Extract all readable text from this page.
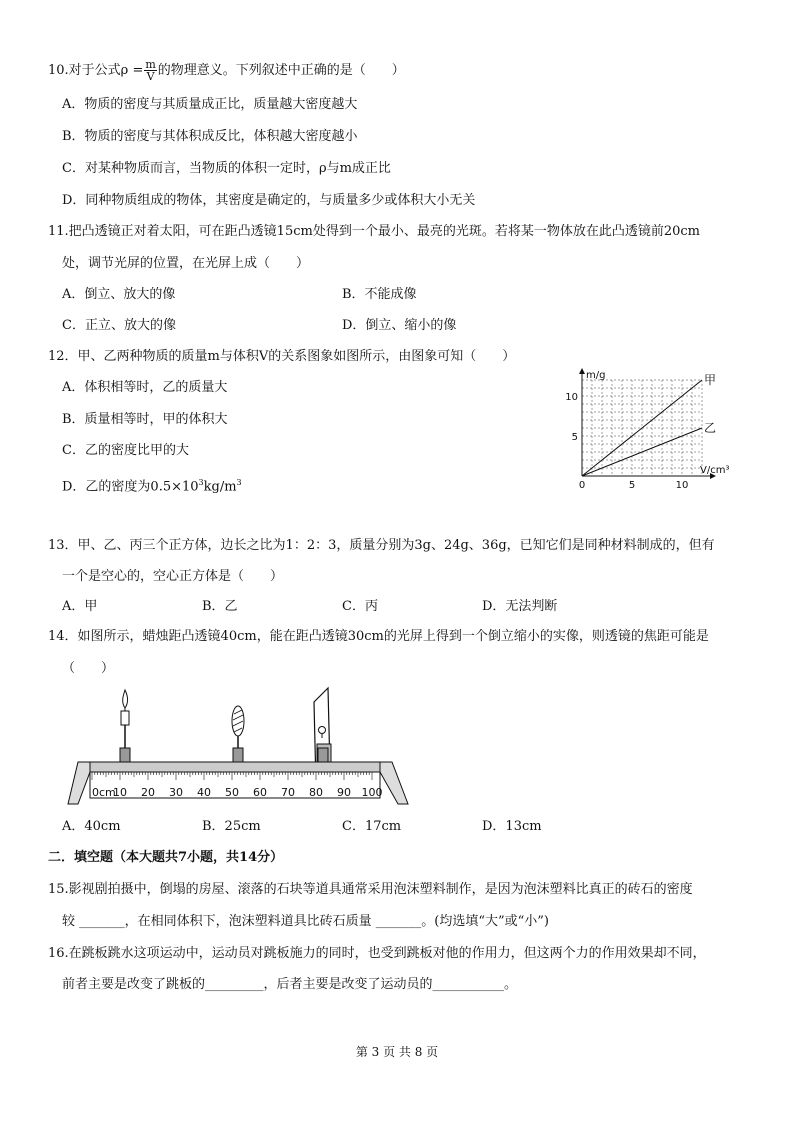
10.对于公式$\rho = \frac{m}{V}$ 的物理意义。下列叙述中正确的是（　　）
A．物质的密度与其质量成正比，质量越大密度越大
B．物质的密度与其体积成反比，体积越大密度越小
C．对某种物质而言，当物质的体积一定时，ρ与m成正比
D．同种物质组成的物体，其密度是确定的，与质量多少或体积大小无关
11.把凸透镜正对着太阳，可在距凸透镜15cm处得到一个最小、最亮的光斑。若将某一物体放在此凸透镜前20cm
处，调节光屏的位置，在光屏上成（　　）
A．倒立、放大的像	B．不能成像
C．正立、放大的像	D．倒立、缩小的像
12．甲、乙两种物质的质量m与体积V的关系图象如图所示，由图象可知（　　）
A．体积相等时，乙的质量大
B．质量相等时，甲的体积大
C．乙的密度比甲的大
D．乙的密度为$0.5\times 10^3kg/m^3$
甲
乙
V/cm³
m/g
0	5	10
5
10
13．甲、乙、丙三个正方体，边长之比为1：2：3，质量分别为3g、24g、36g，已知它们是同种材料制成的，但有
一个是空心的，空心正方体是（　　）
A．甲	B．乙	C．丙	D．无法判断
14．如图所示，蜡烛距凸透镜40cm，能在距凸透镜30cm的光屏上得到一个倒立缩小的实像，则透镜的焦距可能是
（　　）
0cm
10 20 30 40 50 60 70 80 90 100
A．40cm	B．25cm	C．17cm	D．13cm
二．填空题（本大题共7小题，共14分）
15.影视剧拍摄中，倒塌的房屋、滚落的石块等道具通常采用泡沫塑料制作，是因为泡沫塑料比真正的砖石的密度
较 _______，在相同体积下，泡沫塑料道具比砖石质量 _______。(均选填“大”或“小”)
16.在跳板跳水这项运动中，运动员对跳板施力的同时，也受到跳板对他的作用力，但这两个力的作用效果却不同，
前者主要是改变了跳板的_________，后者主要是改变了运动员的___________。
第 3 页 共 8 页
